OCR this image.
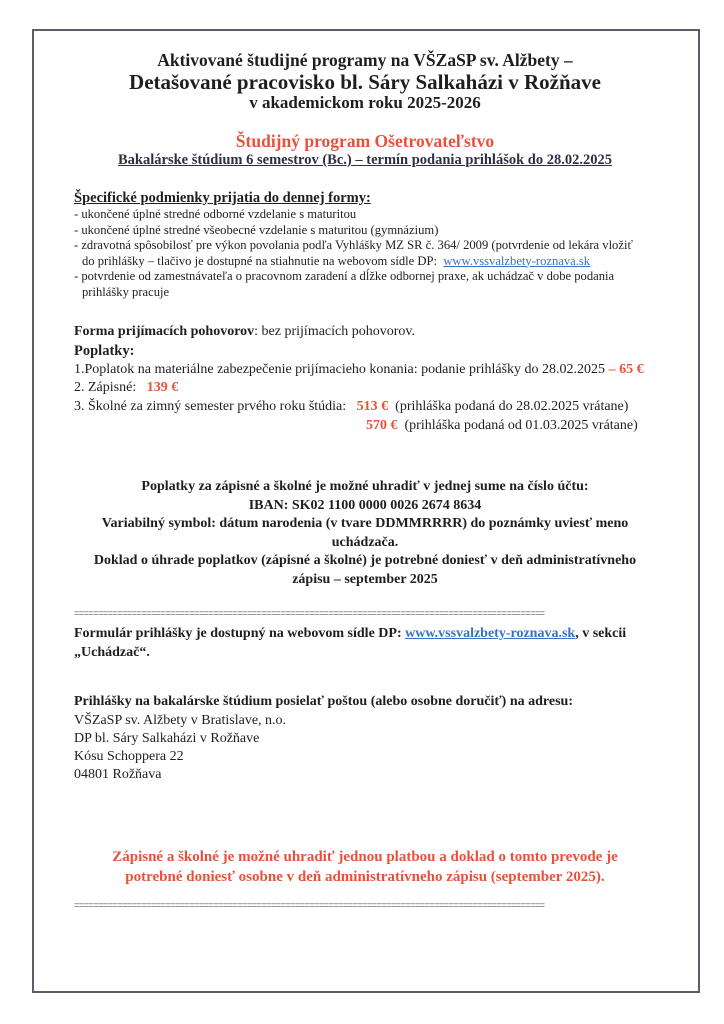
Aktivované študijné programy na VŠZaSP sv. Alžbety –
Detašované pracovisko bl. Sáry Salkaházi v Rožňave
v akademickom roku 2025-2026
Študijný program Ošetrovateľstvo
Bakalárske štúdium 6 semestrov (Bc.) – termín podania prihlášok do 28.02.2025
Špecifické podmienky prijatia do dennej formy:
- ukončené úplné stredné odborné vzdelanie s maturitou
- ukončené úplné stredné všeobecné vzdelanie s maturitou (gymnázium)
- zdravotná spôsobilosť pre výkon povolania podľa Vyhlášky MZ SR č. 364/ 2009 (potvrdenie od lekára vložiť
do prihlášky – tlačivo je dostupné na stiahnutie na webovom sídle DP: www.vssvalzbety-roznava.sk
- potvrdenie od zamestnávateľa o pracovnom zaradení a dĺžke odbornej praxe, ak uchádzač v dobe podania
prihlášky pracuje
Forma prijímacích pohovorov: bez prijímacích pohovorov.
Poplatky:
1.Poplatok na materiálne zabezpečenie prijímacieho konania: podanie prihlášky do 28.02.2025 – 65 €
2. Zápisné: 139 €
3. Školné za zimný semester prvého roku štúdia: 513 € (prihláška podaná do 28.02.2025 vrátane)
570 € (prihláška podaná od 01.03.2025 vrátane)
Poplatky za zápisné a školné je možné uhradiť v jednej sume na číslo účtu:
IBAN: SK02 1100 0000 0026 2674 8634
Variabilný symbol: dátum narodenia (v tvare DDMMRRRR) do poznámky uviesť meno
uchádzača.
Doklad o úhrade poplatkov (zápisné a školné) je potrebné doniesť v deň administratívneho
zápisu – september 2025
==================================================================================================
Formulár prihlášky je dostupný na webovom sídle DP: www.vssvalzbety-roznava.sk, v sekcii
„Uchádzač“.
Prihlášky na bakalárske štúdium posielať poštou (alebo osobne doručiť) na adresu:
VŠZaSP sv. Alžbety v Bratislave, n.o.
DP bl. Sáry Salkaházi v Rožňave
Kósu Schoppera 22
04801 Rožňava
Zápisné a školné je možné uhradiť jednou platbou a doklad o tomto prevode je
potrebné doniesť osobne v deň administratívneho zápisu (september 2025).
==================================================================================================
